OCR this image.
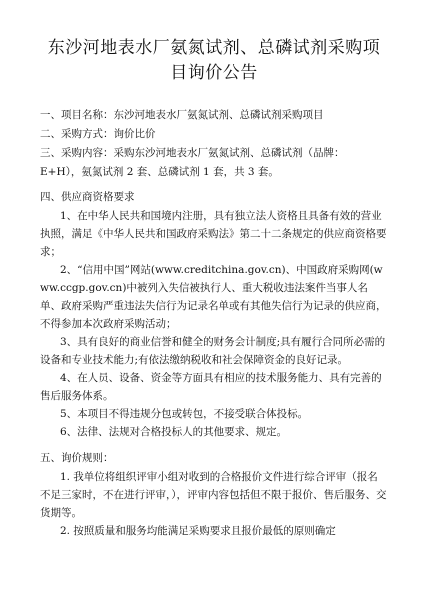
东沙河地表水厂氨氮试剂、总磷试剂采购项目询价公告

一、项目名称：东沙河地表水厂氨氮试剂、总磷试剂采购项目

二、采购方式：询价比价

三、采购内容：采购东沙河地表水厂氨氮试剂、总磷试剂（品牌：

E+H），氨氮试剂 2 套、总磷试剂 1 套，共 3 套。

四、供应商资格要求

1、在中华人民共和国境内注册，具有独立法人资格且具备有效的营业执照，满足《中华人民共和国政府采购法》第二十二条规定的供应商资格要求；

2、“信用中国”网站(www.creditchina.gov.cn)、中国政府采购网(www.ccgp.gov.cn)中被列入失信被执行人、重大税收违法案件当事人名单、政府采购严重违法失信行为记录名单或有其他失信行为记录的供应商，不得参加本次政府采购活动；

3、具有良好的商业信誉和健全的财务会计制度;具有履行合同所必需的设备和专业技术能力;有依法缴纳税收和社会保障资金的良好记录。

4、在人员、设备、资金等方面具有相应的技术服务能力、具有完善的售后服务体系。

5、本项目不得违规分包或转包，不接受联合体投标。

6、法律、法规对合格投标人的其他要求、规定。

五、询价规则：

1. 我单位将组织评审小组对收到的合格报价文件进行综合评审（报名不足三家时，不在进行评审，），评审内容包括但不限于报价、售后服务、交货期等。

2. 按照质量和服务均能满足采购要求且报价最低的原则确定
